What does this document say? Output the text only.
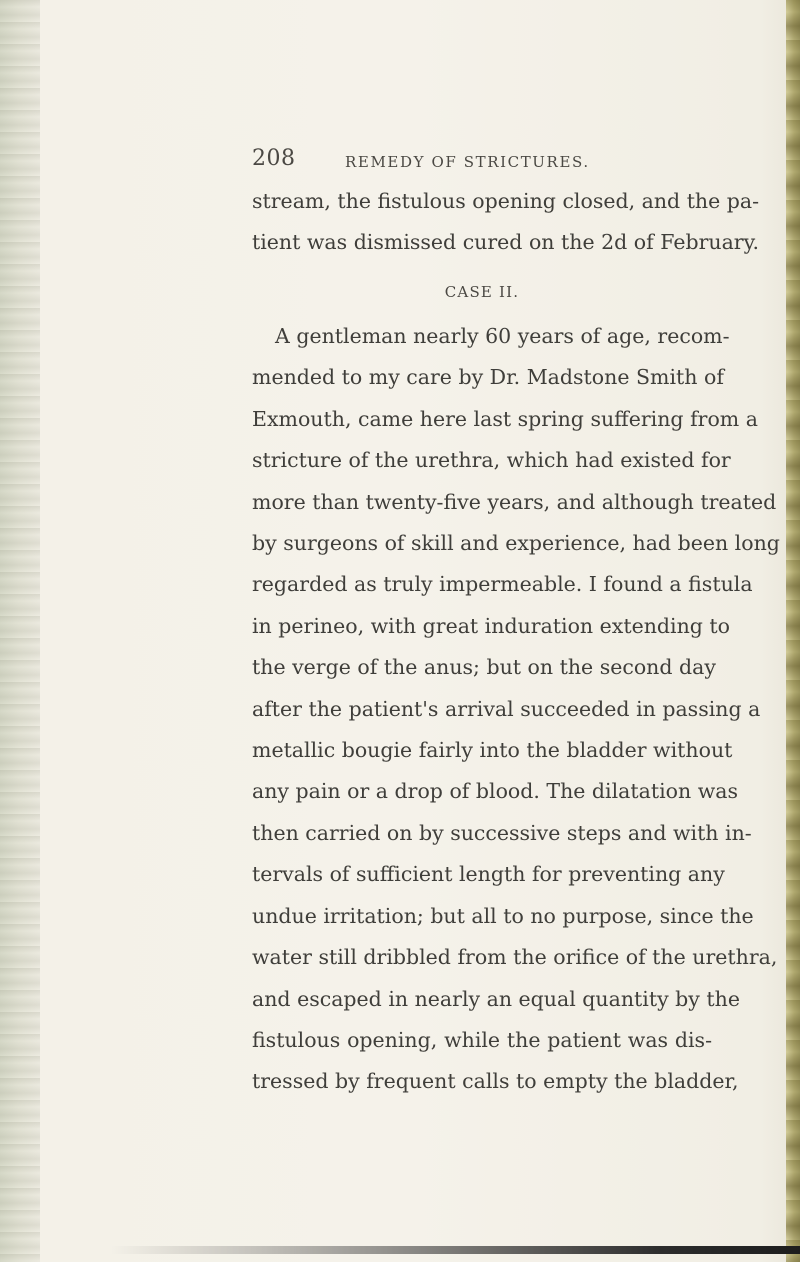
208	REMEDY OF STRICTURES.
stream, the fistulous opening closed, and the pa-
tient was dismissed cured on the 2d of February.
CASE II.
A gentleman nearly 60 years of age, recom-
mended to my care by Dr. Madstone Smith of
Exmouth, came here last spring suffering from a
stricture of the urethra, which had existed for
more than twenty-five years, and although treated
by surgeons of skill and experience, had been long
regarded as truly impermeable. I found a fistula
in perineo, with great induration extending to
the verge of the anus; but on the second day
after the patient's arrival succeeded in passing a
metallic bougie fairly into the bladder without
any pain or a drop of blood. The dilatation was
then carried on by successive steps and with in-
tervals of sufficient length for preventing any
undue irritation; but all to no purpose, since the
water still dribbled from the orifice of the urethra,
and escaped in nearly an equal quantity by the
fistulous opening, while the patient was dis-
tressed by frequent calls to empty the bladder,
